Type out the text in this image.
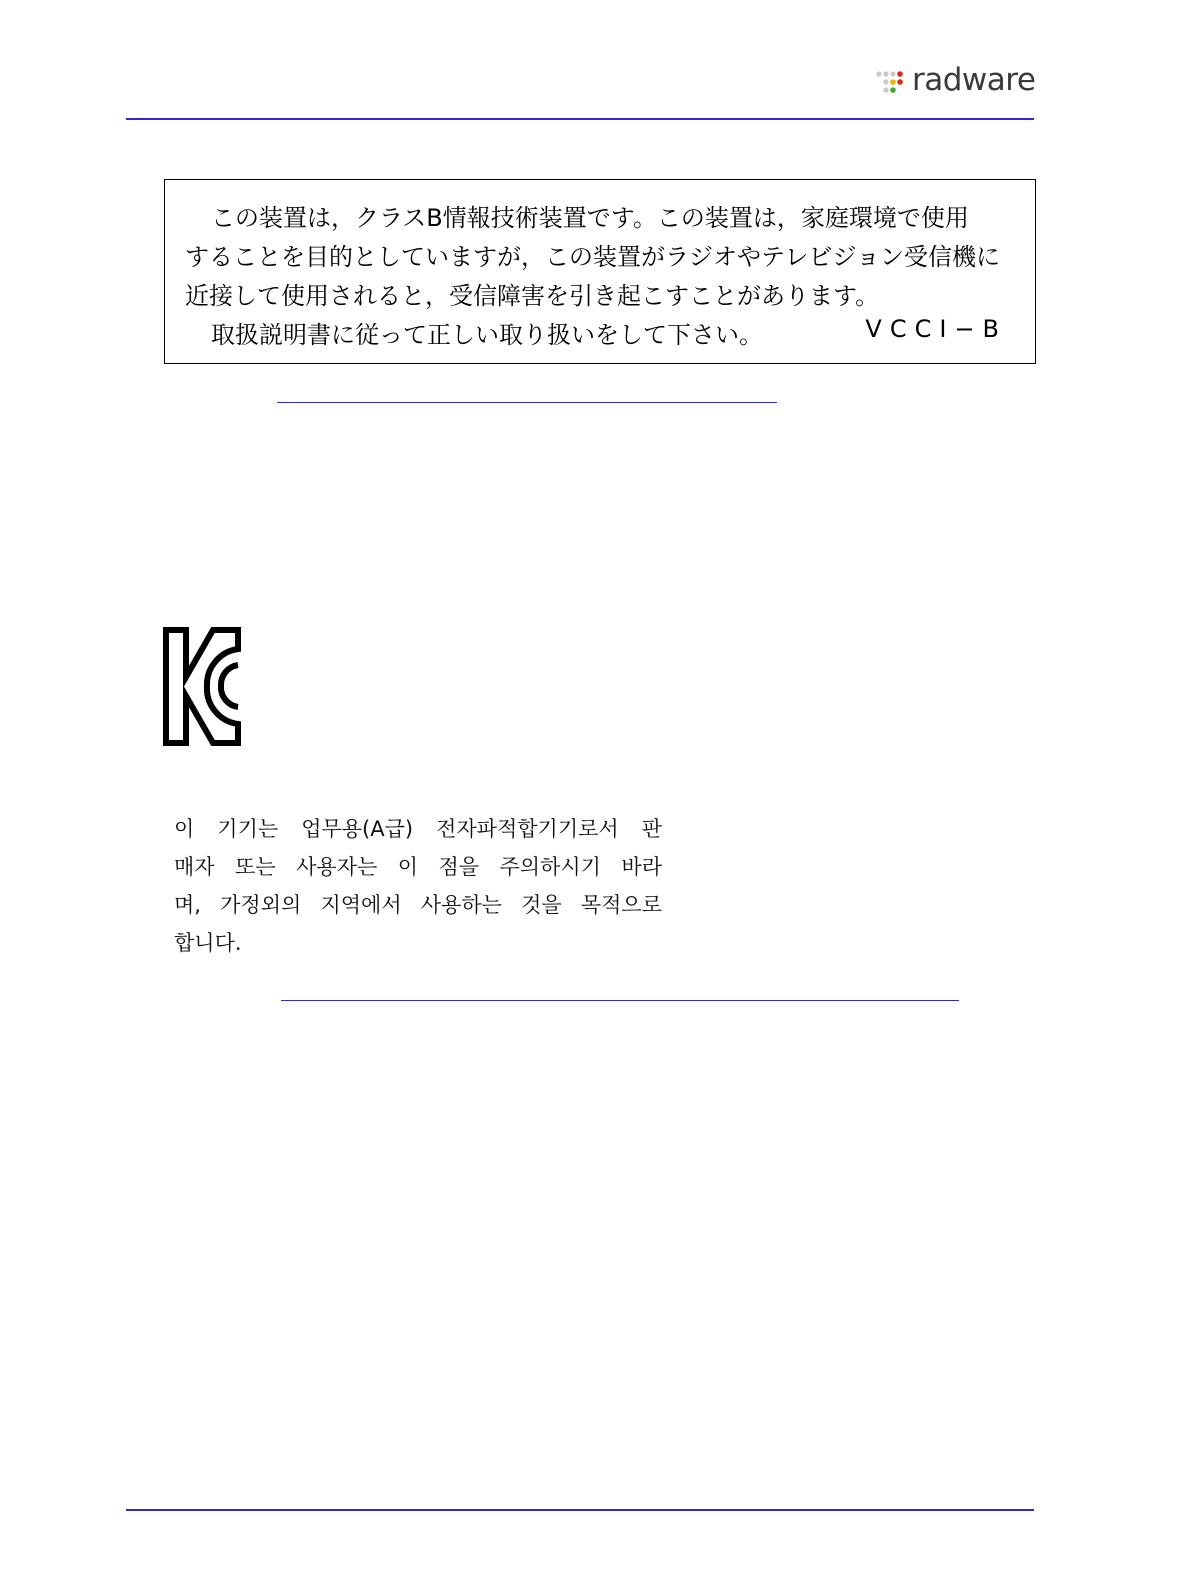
radware
この装置は，クラスB情報技術装置です。この装置は，家庭環境で使用
することを目的としていますが，この装置がラジオやテレビジョン受信機に
近接して使用されると，受信障害を引き起こすことがあります。
取扱説明書に従って正しい取り扱いをして下さい。	VCCI−B
KC
이 기기는 업무용(A급) 전자파적합기기로서 판
매자 또는 사용자는 이 점을 주의하시기 바라
며, 가정외의 지역에서 사용하는 것을 목적으로
합니다.
